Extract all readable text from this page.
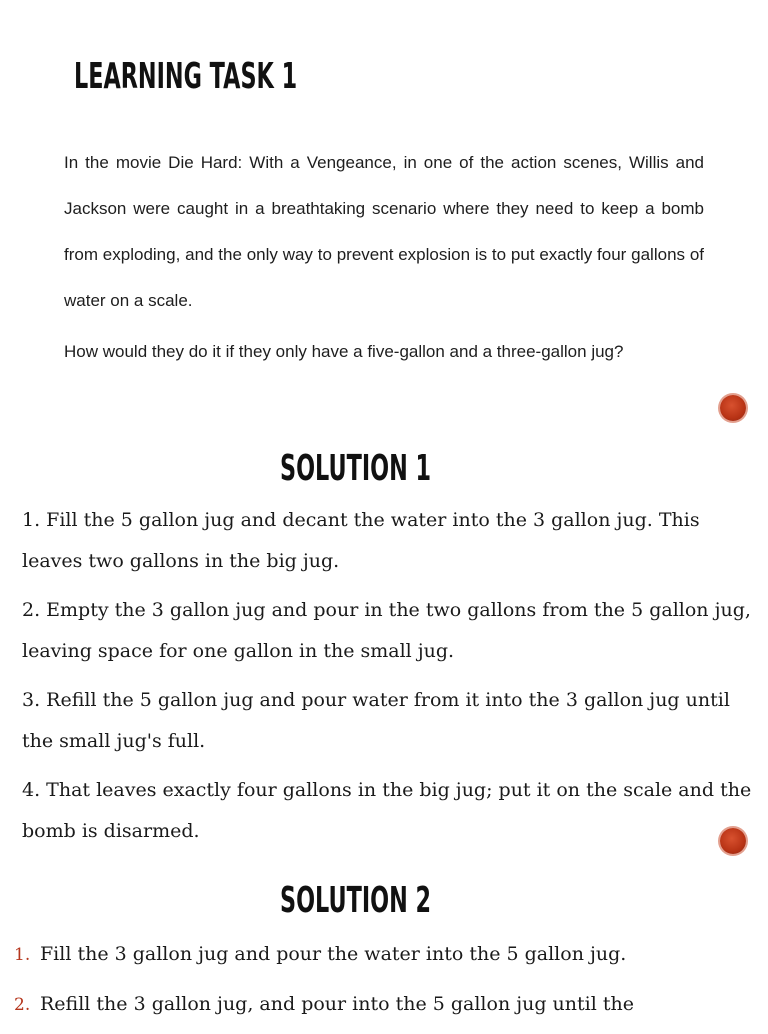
LEARNING TASK 1

In the movie Die Hard: With a Vengeance, in one of the action scenes, Willis and Jackson were caught in a breathtaking scenario where they need to keep a bomb from exploding, and the only way to prevent explosion is to put exactly four gallons of water on a scale.

How would they do it if they only have a five-gallon and a three-gallon jug?

SOLUTION 1
1. Fill the 5 gallon jug and decant the water into the 3 gallon jug. This leaves two gallons in the big jug.
2. Empty the 3 gallon jug and pour in the two gallons from the 5 gallon jug, leaving space for one gallon in the small jug.
3. Refill the 5 gallon jug and pour water from it into the 3 gallon jug until the small jug's full.
4. That leaves exactly four gallons in the big jug; put it on the scale and the bomb is disarmed.
SOLUTION 2
1. Fill the 3 gallon jug and pour the water into the 5 gallon jug.
2. Refill the 3 gallon jug, and pour into the 5 gallon jug until the
